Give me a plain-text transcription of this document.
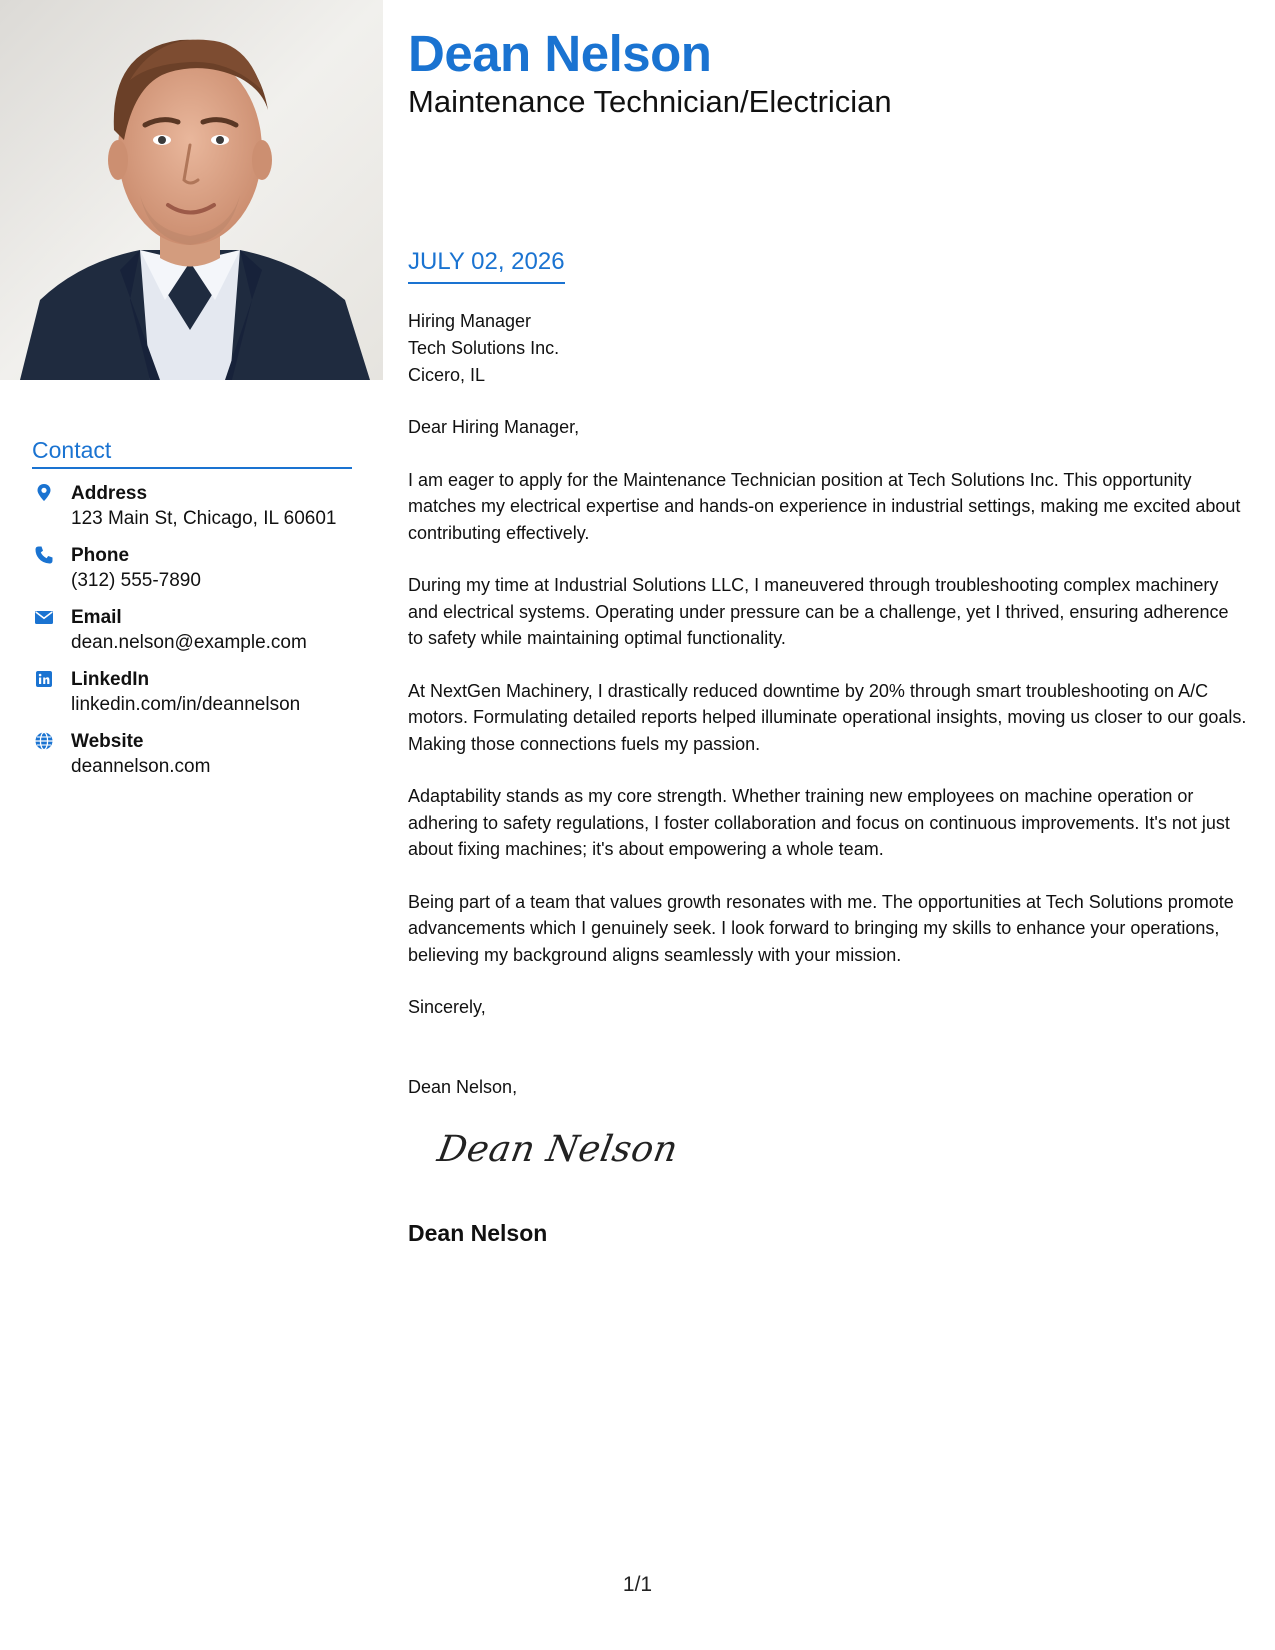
Contact
Address
123 Main St, Chicago, IL 60601
Phone
(312) 555-7890
Email
dean.nelson@example.com
LinkedIn
linkedin.com/in/deannelson
Website
deannelson.com
Dean Nelson
Maintenance Technician/Electrician
JULY 02, 2026
Hiring Manager
Tech Solutions Inc.
Cicero, IL

Dear Hiring Manager,

I am eager to apply for the Maintenance Technician position at Tech Solutions Inc. This opportunity matches my electrical expertise and hands-on experience in industrial settings, making me excited about contributing effectively.

During my time at Industrial Solutions LLC, I maneuvered through troubleshooting complex machinery and electrical systems. Operating under pressure can be a challenge, yet I thrived, ensuring adherence to safety while maintaining optimal functionality.

At NextGen Machinery, I drastically reduced downtime by 20% through smart troubleshooting on A/C motors. Formulating detailed reports helped illuminate operational insights, moving us closer to our goals. Making those connections fuels my passion.

Adaptability stands as my core strength. Whether training new employees on machine operation or adhering to safety regulations, I foster collaboration and focus on continuous improvements. It's not just about fixing machines; it's about empowering a whole team.

Being part of a team that values growth resonates with me. The opportunities at Tech Solutions promote advancements which I genuinely seek. I look forward to bringing my skills to enhance your operations, believing my background aligns seamlessly with your mission.

Sincerely,

Dean Nelson,
Dean Nelson
Dean Nelson
1/1
